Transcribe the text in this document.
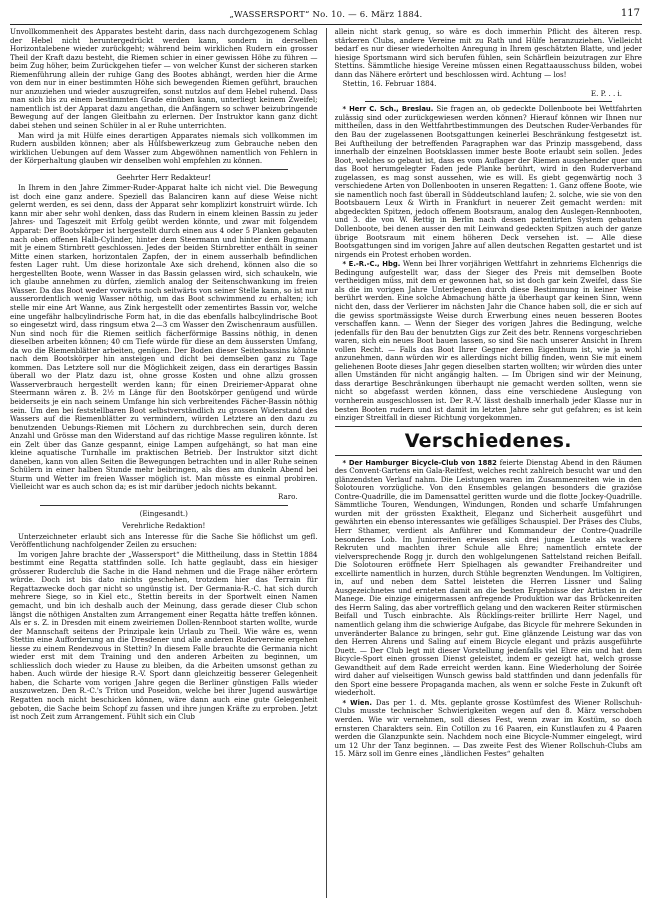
„WASSERSPORT“ No. 10. — 6. März 1884.	117

Unvollkommenheit des Apparates besteht darin, dass nach durchgezogenem Schlag der Hebel nicht heruntergedrückt werden kann, sondern in derselben Horizontalebene wieder zurückgeht; während beim wirklichen Rudern ein grosser Theil der Kraft dazu besteht, die Riemen schier in einer gewissen Höhe zu führen — beim Zug höher, beim Zurückgehen tiefer — von welcher Kunst der sicheren starken Riemenführung allein der ruhige Gang des Bootes abhängt, werden hier die Arme von dem nur in einer bestimmten Höhe sich bewegenden Riemen geführt, brauchen nur anzuziehen und wieder auszugreifen, sonst nutzlos auf dem Hebel ruhend. Dass man sich bis zu einem bestimmten Grade einüben kann, unterliegt keinem Zweifel; namentlich ist der Apparat dazu angethan, die Anfängern so schwer beizubringende Bewegung auf der langen Gleitbahn zu erlernen. Der Instruktor kann ganz dicht dabei stehen und seinen Schüler in al er Ruhe unterrichten.

Man wird ja mit Hülfe eines derartigen Apparates niemals sich vollkommen im Rudern ausbilden können; aber als Hülfsbewerkzeug zum Gebrauche neben den wirklichen Uebungen auf dem Wasser zum Abgewöhnen namentlich von Fehlern in der Körperhaltung glauben wir denselben wohl empfehlen zu können.

Geehrter Herr Redakteur!

In Ihrem in den Jahre Zimmer-Ruder-Apparat halte ich nicht viel. Die Bewegung ist doch eine ganz andere. Speziell das Balanciren kann auf diese Weise nicht gelernt werden, es sei denn, dass der Apparat sehr komplizirt konstruirt würde. Ich kann mir aber sehr wohl denken, dass das Rudern in einem kleinen Bassin zu jeder Jahres- und Tageszeit mit Erfolg geübt werden könnte, und zwar mit folgendem Apparat: Der Bootskörper ist hergestellt durch einen aus 4 oder 5 Planken gebauten nach oben offenen Halb-Cylinder, hinter dem Steermann und hinter dem Bugmann mit je einem Stirnbrett geschlossen. Jedes der beiden Stirnbretter enthält in seiner Mitte einen starken, horizontalen Zapfen, der in einem ausserhalb befindlichen festen Lager ruht. Um diese horizontale Axe sich drehend, können also die so hergestellten Boote, wenn Wasser in das Bassin gelassen wird, sich schaukeln, wie ich glaube annehmen zu dürfen, ziemlich analog der Seitenschwankung im freien Wasser. Da das Boot weder vorwärts noch seitwärts von seiner Stelle kann, so ist nur ausserordentlich wenig Wasser nöthig, um das Boot schwimmend zu erhalten; ich stelle mir eine Art Wanne, aus Zink hergestellt oder zementirtes Bassin vor, welche eine ungefähr halbcylindrische Form hat, in die das ebenfalls halbcylindrische Boot so eingesetzt wird, dass ringsum etwa 2—3 cm Wasser den Zwischenraum ausfüllen. Nun sind noch für die Riemen seitlich fächerförmige Bassins nöthig, in denen dieselben arbeiten können; 40 cm Tiefe würde für diese an dem äussersten Umfang, da wo die Riemenblätter arbeiten, genügen. Der Boden dieser Seitenbassins könnte nach dem Bootskörper hin ansteigen und dicht bei demselben ganz zu Tage kommen. Das Letztere soll nur die Möglichkeit zeigen, dass ein derartiges Bassin überall wo der Platz dazu ist, ohne grosse Kosten und ohne allzu grossen Wasserverbrauch hergestellt werden kann; für einen Dreiriemer-Apparat ohne Steermann wären z. B. 2½ m Länge für den Bootskörper genügend und würde beiderseits je ein nach seinem Umfange hin sich verbreitendes Fächer-Bassin nöthig sein. Um den bei feststellbaren Boot selbstverständlich zu grossen Widerstand des Wassers auf die Riemenblätter zu vermindern, würden Letztere an den dazu zu benutzenden Uebungs-Riemen mit Löchern zu durchbrechen sein, durch deren Anzahl und Grösse man den Widerstand auf das richtige Masse reguliren könnte. Ist ein Zelt über das Ganze gespannt, einige Lampen aufgehängt, so hat man eine kleine aquatische Turnhalle im praktischen Betrieb. Der Instruktor sitzt dicht daneben, kann von allen Seiten die Bewegungen betrachten und in aller Ruhe seinen Schülern in einer halben Stunde mehr beibringen, als dies am dunkeln Abend bei Sturm und Wetter im freien Wasser möglich ist. Man müsste es einmal probiren. Vielleicht war es auch schon da; es ist mir darüber jedoch nichts bekannt.

Raro.

(Eingesandt.)

Verehrliche Redaktion!

Unterzeichneter erlaubt sich ans Interesse für die Sache Sie höflichst um gefl. Veröffentlichung nachfolgender Zeilen zu ersuchen:

Im vorigen Jahre brachte der „Wassersport“ die Mittheilung, dass in Stettin 1884 bestimmt eine Regatta stattfinden solle. Ich hatte geglaubt, dass ein hiesiger grösserer Ruderclub die Sache in die Hand nehmen und die Frage näher erörtern würde. Doch ist bis dato nichts geschehen, trotzdem hier das Terrain für Regattazwecke doch gar nicht so ungünstig ist. Der Germania-R.-C. hat sich durch mehrere Siege, so in Kiel etc., Stettin bereits in der Sportwelt einen Namen gemacht, und bin ich deshalb auch der Meinung, dass gerade dieser Club schon längst die nöthigen Anstalten zum Arrangement einer Regatta hätte treffen können. Als er s. Z. in Dresden mit einem zweiriemen Dollen-Rennboot starten wollte, wurde der Mannschaft seitens der Prinzipale kein Urlaub zu Theil. Wie wäre es, wenn Stettin eine Aufforderung an die Dresdener und alle anderen Rudervereine ergehen liesse zu einem Rendezvous in Stettin? In diesem Falle brauchte die Germania nicht wieder erst mit dem Training und den anderen Arbeiten zu beginnen, um schliesslich doch wieder zu Hause zu bleiben, da die Arbeiten umsonst gethan zu haben. Auch würde der hiesige R.-V. Sport dann gleichzeitig besserer Gelegenheit haben, die Scharte vom vorigen Jahre gegen die Berliner günstigen Falls wieder auszuwetzen. Den R.-C.'s Triton und Poseidon, welche bei ihrer Jugend auswärtige Regatten noch nicht beschicken können, wäre dann auch eine gute Gelegenheit geboten, die Sache beim Schopf zu fassen und ihre jungen Kräfte zu erproben. Jetzt ist noch Zeit zum Arrangement. Fühlt sich ein Club

allein nicht stark genug, so wäre es doch immerhin Pflicht des älteren resp. stärkeren Clubs, andere Vereine mit zu Rath und Hülfe heranzuziehen. Vielleicht bedarf es nur dieser wiederholten Anregung in Ihrem geschätzten Blatte, und jeder hiesige Sportsmann wird sich berufen fühlen, sein Schärflein beizutragen zur Ehre Stettins. Sämmtliche hiesige Vereine müssen einen Regattaausschuss bilden, wobei dann das Nähere erörtert und beschlossen wird. Achtung — los!

Stettin, 16. Februar 1884.

E. P. . . i.

* Herr C. Sch., Breslau. Sie fragen an, ob gedeckte Dollenboote bei Wettfahrten zulässig sind oder zurückgewiesen werden können? Hierauf können wir Ihnen nur mittheilen, dass in den Wettfahrtbestimmungen des Deutschen Ruder-Verbandes für den Bau der zugelassenen Bootsgattungen keinerlei Beschränkung festgesetzt ist. Bei Auftheilung der betreffenden Paragraphen war das Prinzip massgebend, dass innerhalb der einzelnen Bootsklassen immer beste Boote erlaubt sein sollen. Jedes Boot, welches so gebaut ist, dass es vom Auflager der Riemen ausgehender quer um das Boot herumgelegter Faden jede Planke berührt, wird in den Ruderverband zugelassen, es mag sonst aussehen, wie es will. Es giebt gegenwärtig noch 3 verschiedene Arten von Dollenbooten in unseren Regatten: 1. Ganz offene Boote, wie sie namentlich noch fast überall in Süddeutschland laufen; 2. solche, wie sie von den Bootsbauern Leux & Wirth in Frankfurt in neuerer Zeit gemacht werden: mit abgedeckten Spitzen, jedoch offenem Bootsraum, analog den Auslegen-Rennbooten, und 3. die von W. Rettig in Berlin nach dessen patentirten System gebauten Dollenboote, bei denen ausser den mit Leinwand gedeckten Spitzen auch der ganze übrige Bootsraum mit einem höheren Deck versehen ist. — Alle diese Bootsgattungen sind im vorigen Jahre auf allen deutschen Regatten gestartet und ist nirgends ein Protest erhoben worden.

* E.-R.-C., Hbg. Wenn bei Ihrer vorjährigen Wettfahrt in zehnriems Elchenrigs die Bedingung aufgestellt war, dass der Sieger des Preis mit demselben Boote vertheidigen müss, mit dem er gewonnen hat, so ist doch gar kein Zweifel, dass Sie als die im vorigen Jahre Unterlegenen durch diese Bestimmung in keiner Weise berührt werden. Eine solche Abmachung hätte ja überhaupt gar keinen Sinn, wenn nicht den, dass der Verlierer im nächsten Jahr die Chance haben soll, die er sich auf die gewiss sportmässigste Weise durch Erwerbung eines neuen besseren Bootes verschaffen kann. — Wenn der Sieger des vorigen Jahres die Bedingung, welche jedenfalls für den Bau der benutzten Gigs zur Zeit des betr. Rennens vorgeschrieben waren, sich ein neues Boot bauen lassen, so sind Sie nach unserer Ansicht in Ihrem vollen Recht. — Falls das Boot Ihrer Gegner deren Eigenthum ist, wie ja wohl anzunehmen, dann würden wir es allerdings nicht billig finden, wenn Sie mit einem geliehenen Boote dieses Jahr gegen dieselben starten wollten; wir würden dies unter allen Umständen für nicht angängig halten. — Im Übrigen sind wir der Meinung, dass derartige Beschränkungen überhaupt nie gemacht werden sollten, wenn sie nicht so abgefasst werden können, dass eine verschiedene Auslegung von vornherein ausgeschlossen ist. Der R.-V. lässt deshalb innerhalb jeder Klasse nur in besten Booten rudern und ist damit im letzten Jahre sehr gut gefahren; es ist kein einziger Streitfall in dieser Richtung vorgekommen.

Verschiedenes.

* Der Hamburger Bicycle-Club von 1882 feierte Dienstag Abend in den Räumen des Convent-Gartens ein Gala-Reitfest, welches recht zahlreich besucht war und den glänzendsten Verlauf nahm. Die Leistungen waren im Zusammenreiten wie in den Solotouren vorzügliche. Von den Ensembles gelangen besonders die graziöse Contre-Quadrille, die im Damensattel geritten wurde und die flotte Jockey-Quadrille. Sämmtliche Touren, Wendungen, Windungen, Ronden und scharfe Umfahrungen wurden mit der grössten Exaktheit, Eleganz und Sicherheit ausgeführt und gewährten ein ebenso interessantes wie gefälliges Schauspiel. Der Präses des Clubs, Herr Sthamer, verdient als Anführer und Kommandeur der Contre-Quadrille besonderes Lob. Im Juniorreiten erwiesen sich drei junge Leute als wackere Rekruten und machten ihrer Schule alle Ehre; namentlich erntete der vielversprechende Rogg jr. durch den wohlgelungenen Sattelstand reichen Beifall. Die Solotouren eröffnete Herr Spielhagen als gewandter Freihandreiter und excellirte namentlich in hurzen, durch Stühle begrenzten Wendungen. Im Voltigiren, in, auf und neben dem Sattel leisteten die Herren Lissner und Saling Ausgezeichnetes und ernteten damit an die besten Ergebnisse der Artisten in der Manege. Die einzige einigermassen anfregende Produktion war das Brückenreiten des Herrn Saling, das aber vortrefflich gelang und den wackeren Reiter stürmischen Beifall und Tusch einbrachte. Als Rücklings-reiter brillirte Herr Nagel, und namentlich gelang ihm die schwierige Aufgabe, das Bicycle für mehrere Sekunden in unveränderter Balance zu bringen, sehr gut. Eine glänzende Leistung war das von den Herren Ahrens und Saling auf einem Bicycle elegant und präzis ausgeführte Duett. — Der Club legt mit dieser Vorstellung jedenfalls viel Ehre ein und hat dem Bicycle-Sport einen grossen Dienst geleistet, indem er gezeigt hat, welch grosse Gewandtheit auf dem Rade erreicht werden kann. Eine Wiederholung der Soirée wird daher auf vielseitigen Wunsch gewiss bald stattfinden und dann jedenfalls für den Sport eine bessere Propaganda machen, als wenn er solche Feste in Zukunft oft wiederholt.

* Wien. Das per 1. d. Mts. geplante grosse Kostümfest des Wiener Rollschuh-Clubs musste technischer Schwierigkeiten wegen auf den 8. März verschoben werden. Wie wir vernehmen, soll dieses Fest, wenn zwar im Kostüm, so doch ernsteren Charakters sein. Ein Cotillon zu 16 Paaren, ein Kunstlaufen zu 4 Paaren werden die Glanzpunkte sein. Nachdem noch eine Bicycle-Nummer eingelegt, wird um 12 Uhr der Tanz beginnen. — Das zweite Fest des Wiener Rollschuh-Clubs am 15. März soll im Genre eines „ländlichen Festes“ gehalten
